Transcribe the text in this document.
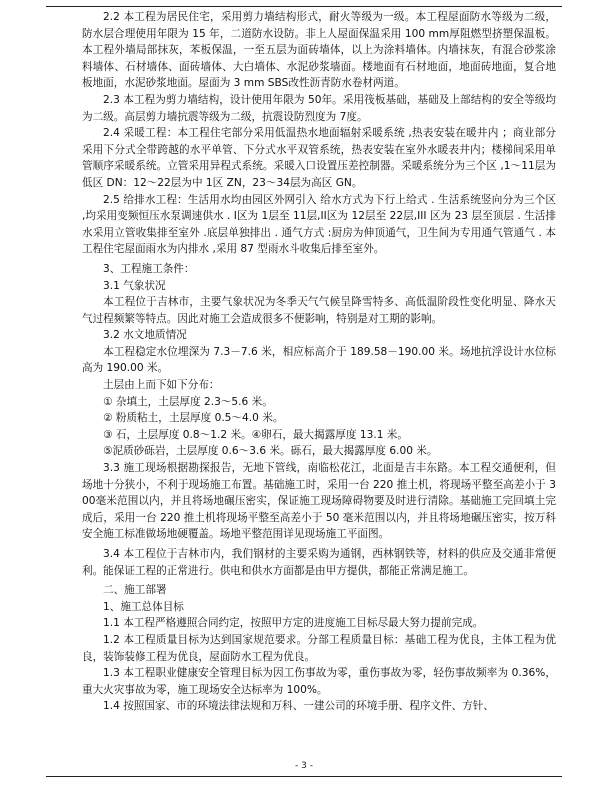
2.2 本工程为居民住宅，采用剪力墙结构形式，耐火等级为一级。本工程屋面防水等级为二级，防水层合理使用年限为 15 年，二道防水设防。非上人屋面保温采用 100 mm厚阻燃型挤塑保温板。本工程外墙局部抹灰，苯板保温，一至五层为面砖墙体，以上为涂料墙体。内墙抹灰，有混合砂浆涂料墙体、石材墙体、面砖墙体、大白墙体、水泥砂浆墙面。楼地面有石材地面，地面砖地面，复合地板地面，水泥砂浆地面。屋面为 3 mm SBS改性沥青防水卷材两道。

2.3 本工程为剪力墙结构，设计使用年限为 50年。采用筏板基础，基础及上部结构的安全等级均为二级。高层剪力墙抗震等级为二级，抗震设防烈度为 7度。

2.4 采暖工程：本工程住宅部分采用低温热水地面辐射采暖系统 ,热表安装在暖井内 ；商业部分采用下分式全带跨越的水平单管、下分式水平双管系统，热表安装在室外水暖表井内；楼梯间采用单管顺序采暖系统。立管采用异程式系统。采暖入口设置压差控制器。采暖系统分为三个区 ,1～11层为低区 DN：12～22层为中 1区 ZN，23～34层为高区 GN。

2.5 给排水工程：生活用水均由园区外网引入 给水方式为下行上给式 . 生活系统竖向分为三个区 ,均采用变频恒压水泵调速供水 . I区为 1层至 11层,II区为 12层至 22层,III 区为 23 层至顶层 . 生活排水采用立管收集排至室外 .底层单独排出 . 通气方式 :厨房为伸顶通气，卫生间为专用通气管通气 . 本工程住宅屋面雨水为内排水 ,采用 87 型雨水斗收集后排至室外。

3、工程施工条件：

3.1 气象状况

本工程位于吉林市，主要气象状况为冬季天气气候呈降雪特多、高低温阶段性变化明显、降水天气过程频繁等特点。因此对施工会造成很多不便影响，特别是对工期的影响。

3.2 水文地质情况

本工程稳定水位埋深为 7.3－7.6 米，相应标高介于 189.58－190.00 米。场地抗浮设计水位标高为 190.00 米。

土层由上而下如下分布：

① 杂填土，土层厚度 2.3～5.6 米。

② 粉质粘土，土层厚度 0.5～4.0 米。

③ 石，土层厚度 0.8～1.2 米。④卵石，最大揭露厚度 13.1 米。

⑤泥质砂砾岩，土层厚度 0.6～3.6 米。砾石，最大揭露厚度 6.00 米。

3.3 施工现场根据勘探报告，无地下管线，南临松花江，北面是吉丰东路。本工程交通便利，但场地十分狭小，不利于现场施工布置。基础施工时，采用一台 220 推土机，将现场平整至高差小于 300毫米范围以内，并且将场地碾压密实，保证施工现场障碍物要及时进行清除。基础施工完回填土完成后，采用一台 220 推土机将现场平整至高差小于 50 毫米范围以内，并且将场地碾压密实，按万科安全施工标准做场地硬覆盖。场地平整范围详见现场施工平面图。

3.4 本工程位于吉林市内，我们钢材的主要采购为通钢，西林钢铁等，材料的供应及交通非常便利。能保证工程的正常进行。供电和供水方面都是由甲方提供，都能正常满足施工。

二、施工部署

1、施工总体目标

1.1 本工程严格遵照合同约定，按照甲方定的进度施工目标尽最大努力提前完成。

1.2 本工程质量目标为达到国家规范要求。分部工程质量目标：基础工程为优良，主体工程为优良，装饰装修工程为优良，屋面防水工程为优良。

1.3 本工程职业健康安全管理目标为因工伤事故为零，重伤事故为零，轻伤事故频率为 0.36%，重大火灾事故为零，施工现场安全达标率为 100%。

1.4 按照国家、市的环境法律法规和万科、一建公司的环境手册、程序文件、方针、

- 3 -
